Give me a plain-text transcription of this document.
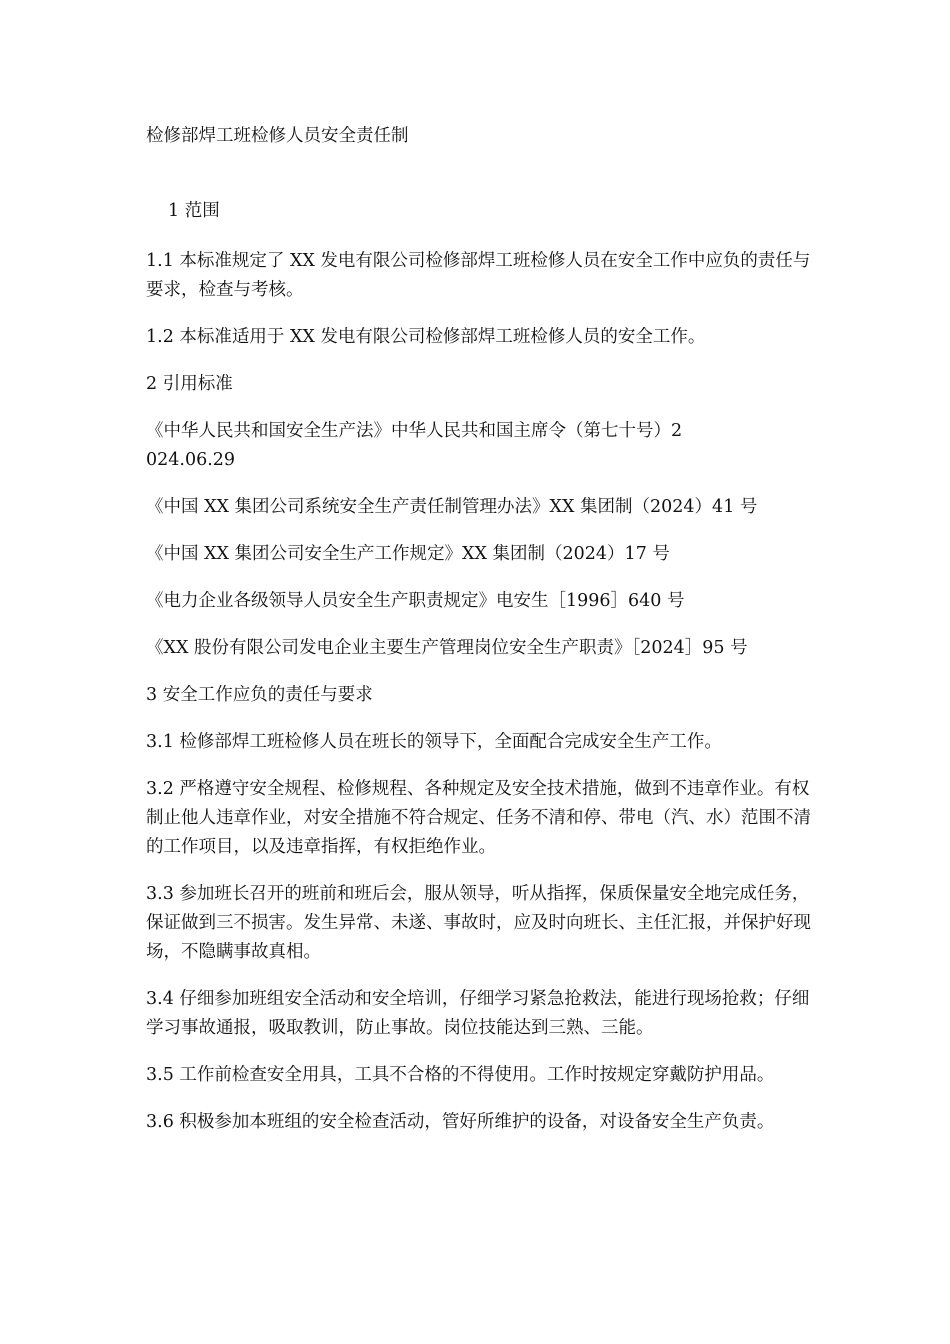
检修部焊工班检修人员安全责任制
1 范围
1.1 本标准规定了 XX 发电有限公司检修部焊工班检修人员在安全工作中应负的责任与要求，检查与考核。
1.2 本标准适用于 XX 发电有限公司检修部焊工班检修人员的安全工作。
2 引用标准
《中华人民共和国安全生产法》中华人民共和国主席令（第七十号）2024.06.29
《中国 XX 集团公司系统安全生产责任制管理办法》XX 集团制（2024）41 号
《中国 XX 集团公司安全生产工作规定》XX 集团制（2024）17 号
《电力企业各级领导人员安全生产职责规定》电安生［1996］640 号
《XX 股份有限公司发电企业主要生产管理岗位安全生产职责》［2024］95 号
3 安全工作应负的责任与要求
3.1 检修部焊工班检修人员在班长的领导下，全面配合完成安全生产工作。
3.2 严格遵守安全规程、检修规程、各种规定及安全技术措施，做到不违章作业。有权制止他人违章作业，对安全措施不符合规定、任务不清和停、带电（汽、水）范围不清的工作项目，以及违章指挥，有权拒绝作业。
3.3 参加班长召开的班前和班后会，服从领导，听从指挥，保质保量安全地完成任务，保证做到三不损害。发生异常、未遂、事故时，应及时向班长、主任汇报，并保护好现场，不隐瞒事故真相。
3.4 仔细参加班组安全活动和安全培训，仔细学习紧急抢救法，能进行现场抢救；仔细学习事故通报，吸取教训，防止事故。岗位技能达到三熟、三能。
3.5 工作前检查安全用具，工具不合格的不得使用。工作时按规定穿戴防护用品。
3.6 积极参加本班组的安全检查活动，管好所维护的设备，对设备安全生产负责。
